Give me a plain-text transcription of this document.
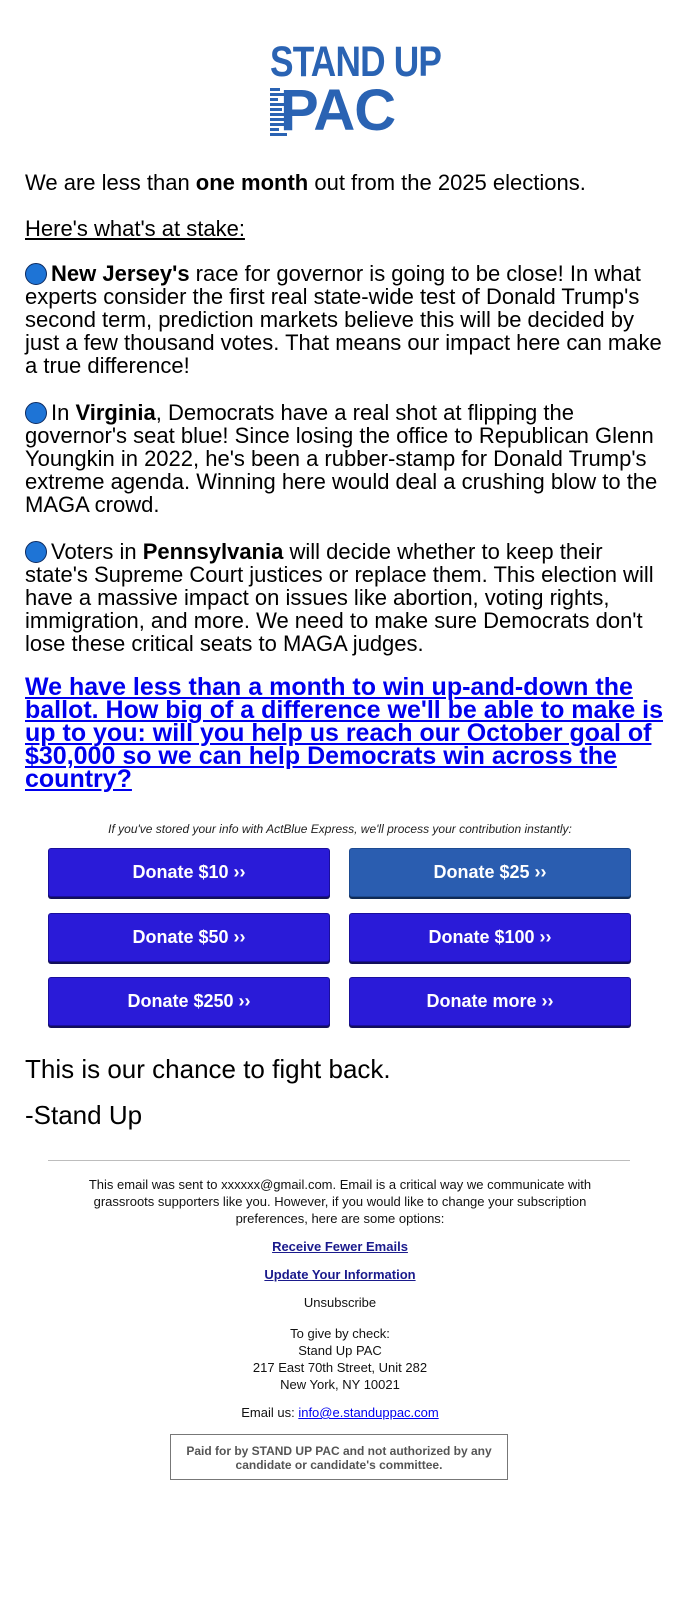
STAND UP
PAC
We are less than one month out from the 2025 elections.
Here's what's at stake:
New Jersey's race for governor is going to be close! In what experts consider the first real state-wide test of Donald Trump's second term, prediction markets believe this will be decided by just a few thousand votes. That means our impact here can make a true difference!
In Virginia, Democrats have a real shot at flipping the governor's seat blue! Since losing the office to Republican Glenn Youngkin in 2022, he's been a rubber-stamp for Donald Trump's extreme agenda. Winning here would deal a crushing blow to the MAGA crowd.
Voters in Pennsylvania will decide whether to keep their state's Supreme Court justices or replace them. This election will have a massive impact on issues like abortion, voting rights, immigration, and more. We need to make sure Democrats don't lose these critical seats to MAGA judges.
We have less than a month to win up-and-down the ballot. How big of a difference we'll be able to make is up to you: will you help us reach our October goal of $30,000 so we can help Democrats win across the country?
If you've stored your info with ActBlue Express, we'll process your contribution instantly:
Donate $10 ››	Donate $25 ››
Donate $50 ››	Donate $100 ››
Donate $250 ››	Donate more ››
This is our chance to fight back.
-Stand Up
This email was sent to xxxxxx@gmail.com. Email is a critical way we communicate with grassroots supporters like you. However, if you would like to change your subscription preferences, here are some options:
Receive Fewer Emails
Update Your Information
Unsubscribe
To give by check:
Stand Up PAC
217 East 70th Street, Unit 282
New York, NY 10021
Email us: info@e.standuppac.com
Paid for by STAND UP PAC and not authorized by any candidate or candidate's committee.
